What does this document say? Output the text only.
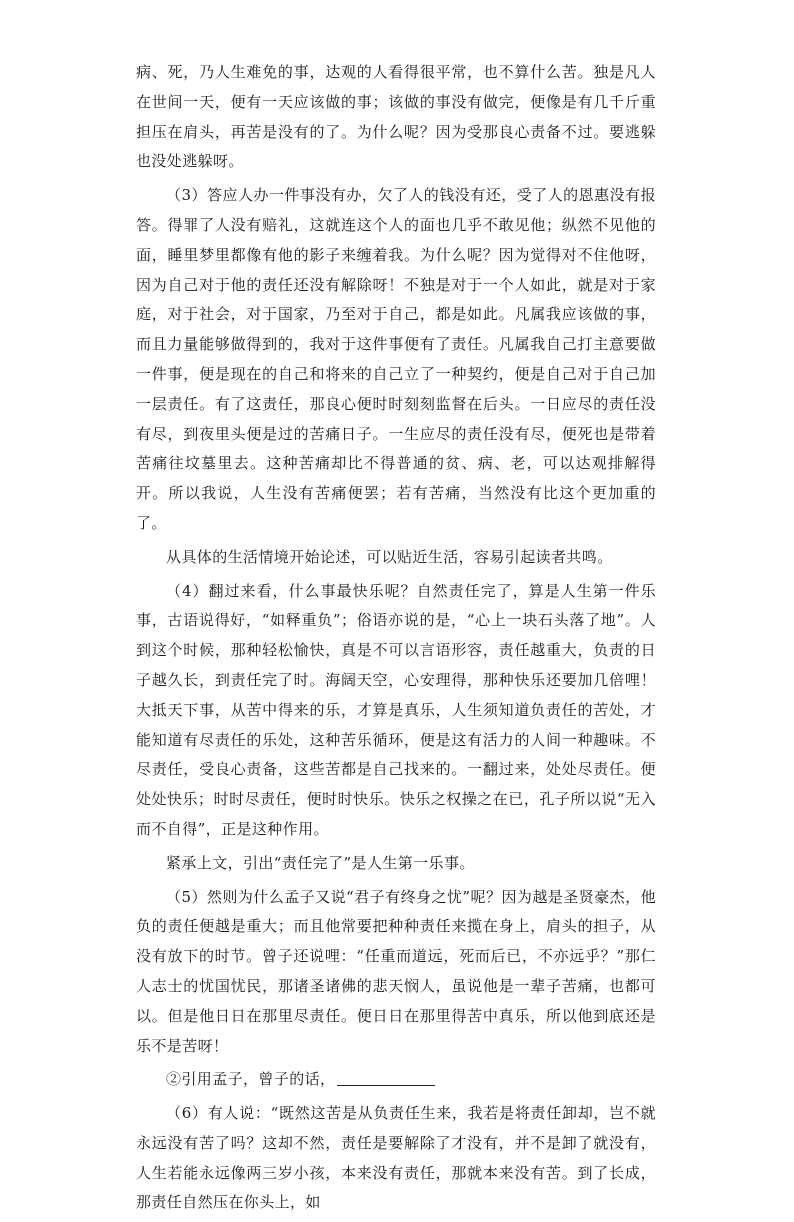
病、死，乃人生难免的事，达观的人看得很平常，也不算什么苦。独是凡人在世间一天，便有一天应该做的事；该做的事没有做完，便像是有几千斤重担压在肩头，再苦是没有的了。为什么呢？因为受那良心责备不过。要逃躲也没处逃躲呀。

（3）答应人办一件事没有办，欠了人的钱没有还，受了人的恩惠没有报答。得罪了人没有赔礼，这就连这个人的面也几乎不敢见他；纵然不见他的面，睡里梦里都像有他的影子来缠着我。为什么呢？因为觉得对不住他呀，因为自己对于他的责任还没有解除呀！不独是对于一个人如此，就是对于家庭，对于社会，对于国家，乃至对于自己，都是如此。凡属我应该做的事，而且力量能够做得到的，我对于这件事便有了责任。凡属我自己打主意要做一件事，便是现在的自己和将来的自己立了一种契约，便是自己对于自己加一层责任。有了这责任，那良心便时时刻刻监督在后头。一日应尽的责任没有尽，到夜里头便是过的苦痛日子。一生应尽的责任没有尽，便死也是带着苦痛往坟墓里去。这种苦痛却比不得普通的贫、病、老，可以达观排解得开。所以我说，人生没有苦痛便罢；若有苦痛，当然没有比这个更加重的了。

从具体的生活情境开始论述，可以贴近生活，容易引起读者共鸣。

（4）翻过来看，什么事最快乐呢？自然责任完了，算是人生第一件乐事，古语说得好，“如释重负”；俗语亦说的是，“心上一块石头落了地”。人到这个时候，那种轻松愉快，真是不可以言语形容，责任越重大，负责的日子越久长，到责任完了时。海阔天空，心安理得，那种快乐还要加几倍哩！大抵天下事，从苦中得来的乐，才算是真乐，人生须知道负责任的苦处，才能知道有尽责任的乐处，这种苦乐循环，便是这有活力的人间一种趣味。不尽责任，受良心责备，这些苦都是自己找来的。一翻过来，处处尽责任。便处处快乐；时时尽责任，便时时快乐。快乐之权操之在已，孔子所以说“无入而不自得”，正是这种作用。

紧承上文，引出“责任完了”是人生第一乐事。

（5）然则为什么孟子又说“君子有终身之忧”呢？因为越是圣贤豪杰，他负的责任便越是重大；而且他常要把种种责任来揽在身上，肩头的担子，从没有放下的时节。曾子还说哩：“任重而道远，死而后已，不亦远乎？”那仁人志士的忧国忧民，那诸圣诸佛的悲天悯人，虽说他是一辈子苦痛，也都可以。但是他日日在那里尽责任。便日日在那里得苦中真乐，所以他到底还是乐不是苦呀！

②引用孟子，曾子的话，

（6）有人说：“既然这苦是从负责任生来，我若是将责任卸却，岂不就永远没有苦了吗？这却不然，责任是要解除了才没有，并不是卸了就没有，人生若能永远像两三岁小孩，本来没有责任，那就本来没有苦。到了长成，那责任自然压在你头上，如
